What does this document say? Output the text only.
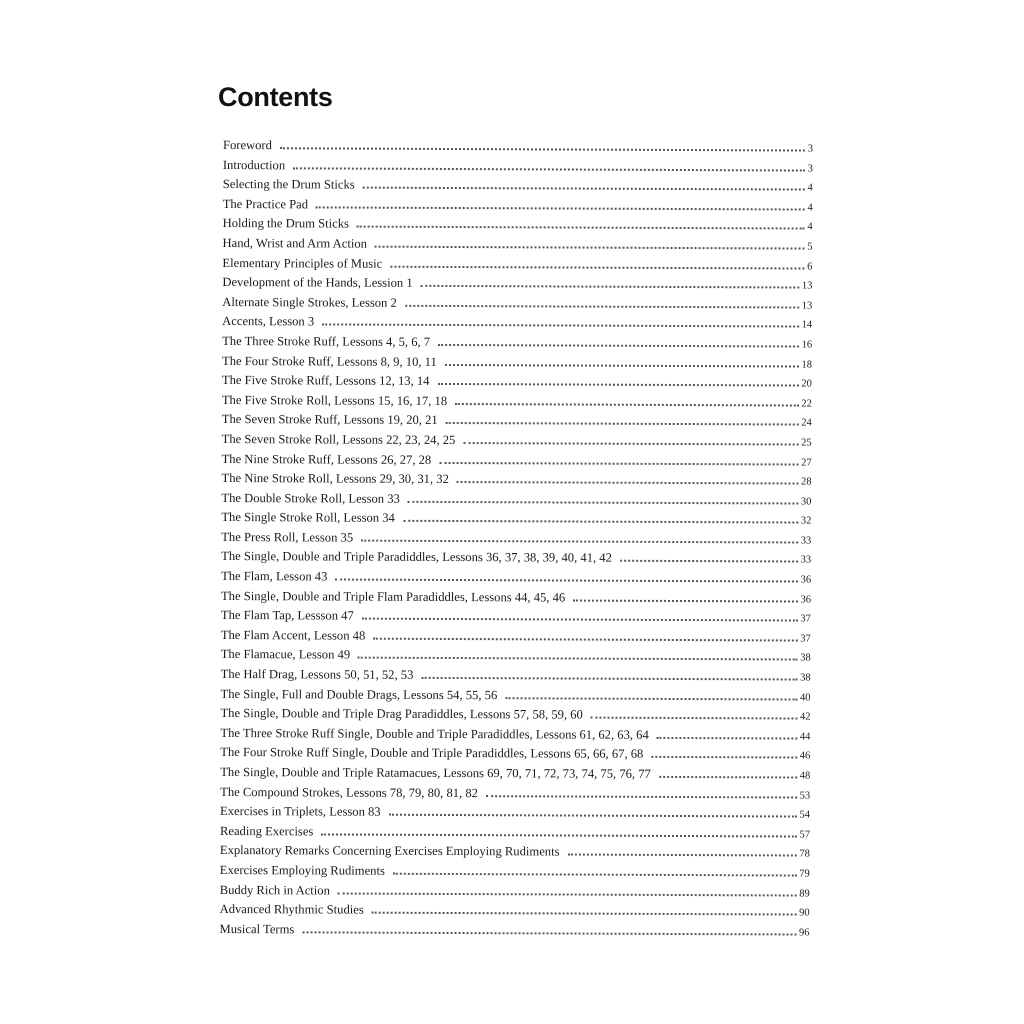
Contents
Foreword	3
Introduction	3
Selecting the Drum Sticks	4
The Practice Pad	4
Holding the Drum Sticks	4
Hand, Wrist and Arm Action	5
Elementary Principles of Music	6
Development of the Hands, Lession 1	13
Alternate Single Strokes, Lesson 2	13
Accents, Lesson 3	14
The Three Stroke Ruff, Lessons 4, 5, 6, 7	16
The Four Stroke Ruff, Lessons 8, 9, 10, 11	18
The Five Stroke Ruff, Lessons 12, 13, 14	20
The Five Stroke Roll, Lessons 15, 16, 17, 18	22
The Seven Stroke Ruff, Lessons 19, 20, 21	24
The Seven Stroke Roll, Lessons 22, 23, 24, 25	25
The Nine Stroke Ruff, Lessons 26, 27, 28	27
The Nine Stroke Roll, Lessons 29, 30, 31, 32	28
The Double Stroke Roll, Lesson 33	30
The Single Stroke Roll, Lesson 34	32
The Press Roll, Lesson 35	33
The Single, Double and Triple Paradiddles, Lessons 36, 37, 38, 39, 40, 41, 42	33
The Flam, Lesson 43	36
The Single, Double and Triple Flam Paradiddles, Lessons 44, 45, 46	36
The Flam Tap, Lessson 47	37
The Flam Accent, Lesson 48	37
The Flamacue, Lesson 49	38
The Half Drag, Lessons 50, 51, 52, 53	38
The Single, Full and Double Drags, Lessons 54, 55, 56	40
The Single, Double and Triple Drag Paradiddles, Lessons 57, 58, 59, 60	42
The Three Stroke Ruff Single, Double and Triple Paradiddles, Lessons 61, 62, 63, 64	44
The Four Stroke Ruff Single, Double and Triple Paradiddles, Lessons 65, 66, 67, 68	46
The Single, Double and Triple Ratamacues, Lessons 69, 70, 71, 72, 73, 74, 75, 76, 77	48
The Compound Strokes, Lessons 78, 79, 80, 81, 82	53
Exercises in Triplets, Lesson 83	54
Reading Exercises	57
Explanatory Remarks Concerning Exercises Employing Rudiments	78
Exercises Employing Rudiments	79
Buddy Rich in Action	89
Advanced Rhythmic Studies	90
Musical Terms	96
